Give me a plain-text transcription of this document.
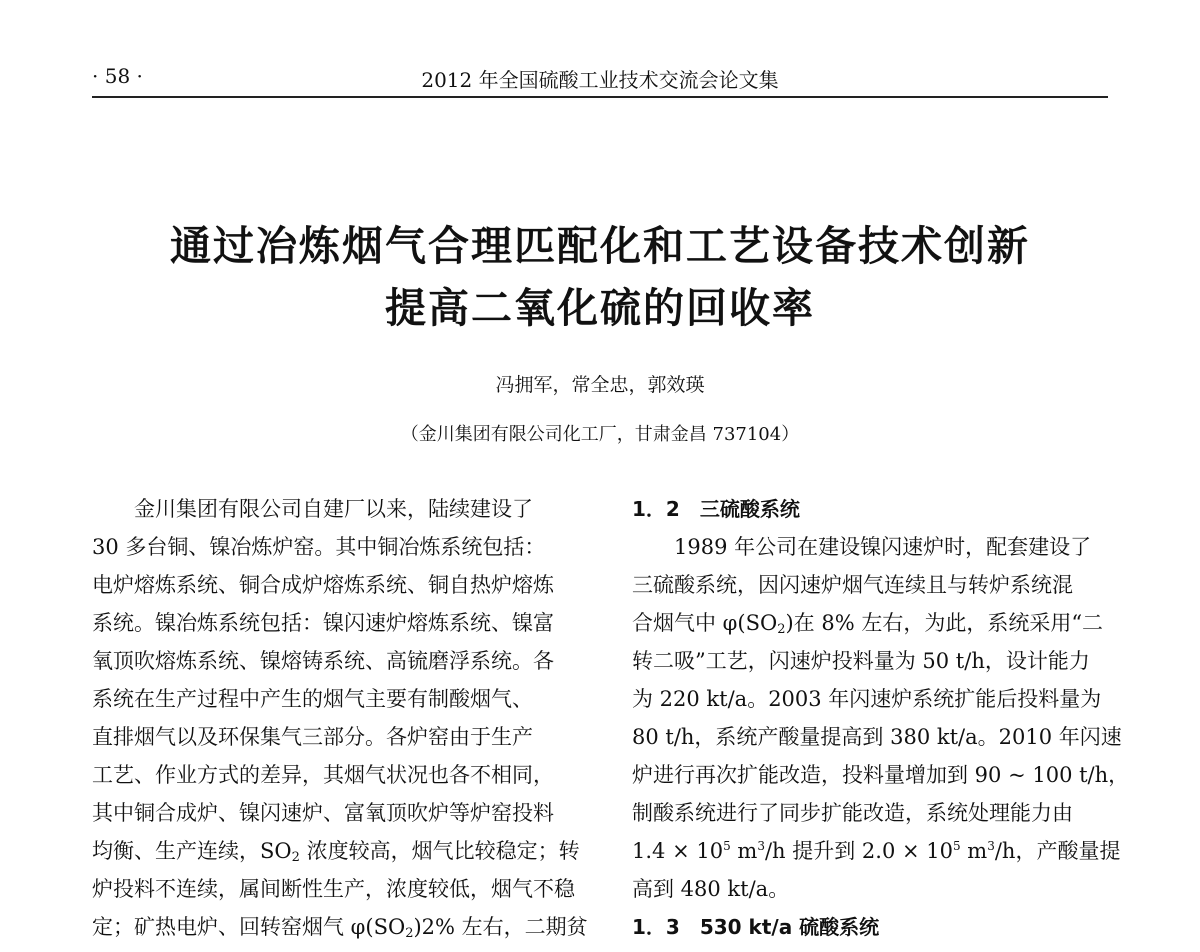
· 58 ·	2012 年全国硫酸工业技术交流会论文集
通过冶炼烟气合理匹配化和工艺设备技术创新
提高二氧化硫的回收率
冯拥军，常全忠，郭效瑛
（金川集团有限公司化工厂，甘肃金昌 737104）
金川集团有限公司自建厂以来，陆续建设了
30 多台铜、镍冶炼炉窑。其中铜冶炼系统包括：
电炉熔炼系统、铜合成炉熔炼系统、铜自热炉熔炼
系统。镍冶炼系统包括：镍闪速炉熔炼系统、镍富
氧顶吹熔炼系统、镍熔铸系统、高锍磨浮系统。各
系统在生产过程中产生的烟气主要有制酸烟气、
直排烟气以及环保集气三部分。各炉窑由于生产
工艺、作业方式的差异，其烟气状况也各不相同，
其中铜合成炉、镍闪速炉、富氧顶吹炉等炉窑投料
均衡、生产连续，$SO_2$ 浓度较高，烟气比较稳定；转
炉投料不连续，属间断性生产，浓度较低，烟气不稳
定；矿热电炉、回转窑烟气 $\varphi(SO_2)2\%$ 左右，二期贫
1．2　三硫酸系统
1989 年公司在建设镍闪速炉时，配套建设了
三硫酸系统，因闪速炉烟气连续且与转炉系统混
合烟气中 $\varphi(SO_2)$在 8% 左右，为此，系统采用“二
转二吸”工艺，闪速炉投料量为 50 t/h，设计能力
为 220 kt/a。2003 年闪速炉系统扩能后投料量为
80 t/h，系统产酸量提高到 380 kt/a。2010 年闪速
炉进行再次扩能改造，投料量增加到 90 ~ 100 t/h，
制酸系统进行了同步扩能改造，系统处理能力由
$1.4 \times 10^5$ $m^3/h$ 提升到 $2.0 \times 10^5$ $m^3/h$，产酸量提
高到 480 kt/a。
1．3　530 kt/a 硫酸系统
